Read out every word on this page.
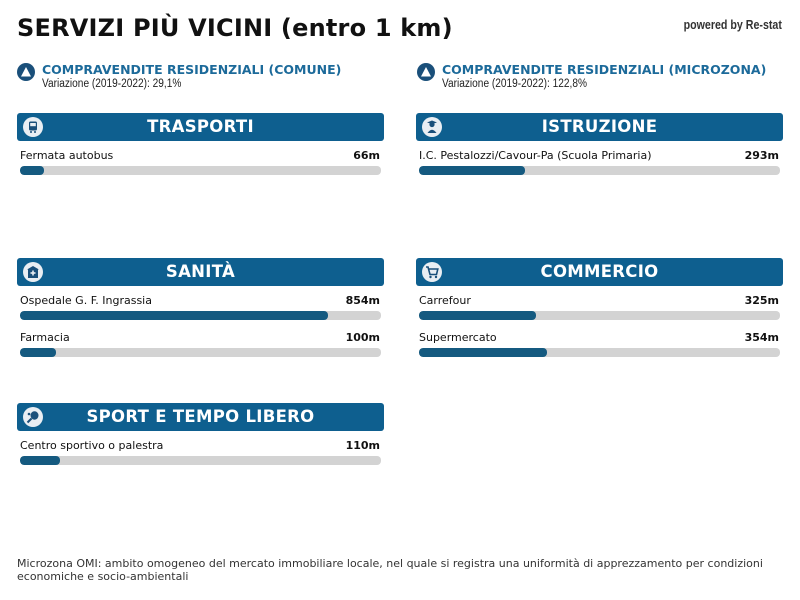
SERVIZI PIÙ VICINI (entro 1 km)	powered by Re-stat
COMPRAVENDITE RESIDENZIALI (COMUNE)
Variazione (2019-2022): 29,1%
COMPRAVENDITE RESIDENZIALI (MICROZONA)
Variazione (2019-2022): 122,8%
TRASPORTI
Fermata autobus	66m
ISTRUZIONE
I.C. Pestalozzi/Cavour-Pa (Scuola Primaria)	293m
SANITÀ
Ospedale G. F. Ingrassia	854m
Farmacia	100m
COMMERCIO
Carrefour	325m
Supermercato	354m
SPORT E TEMPO LIBERO
Centro sportivo o palestra	110m
Microzona OMI: ambito omogeneo del mercato immobiliare locale, nel quale si registra una uniformità di apprezzamento per condizioni economiche e socio-ambientali
